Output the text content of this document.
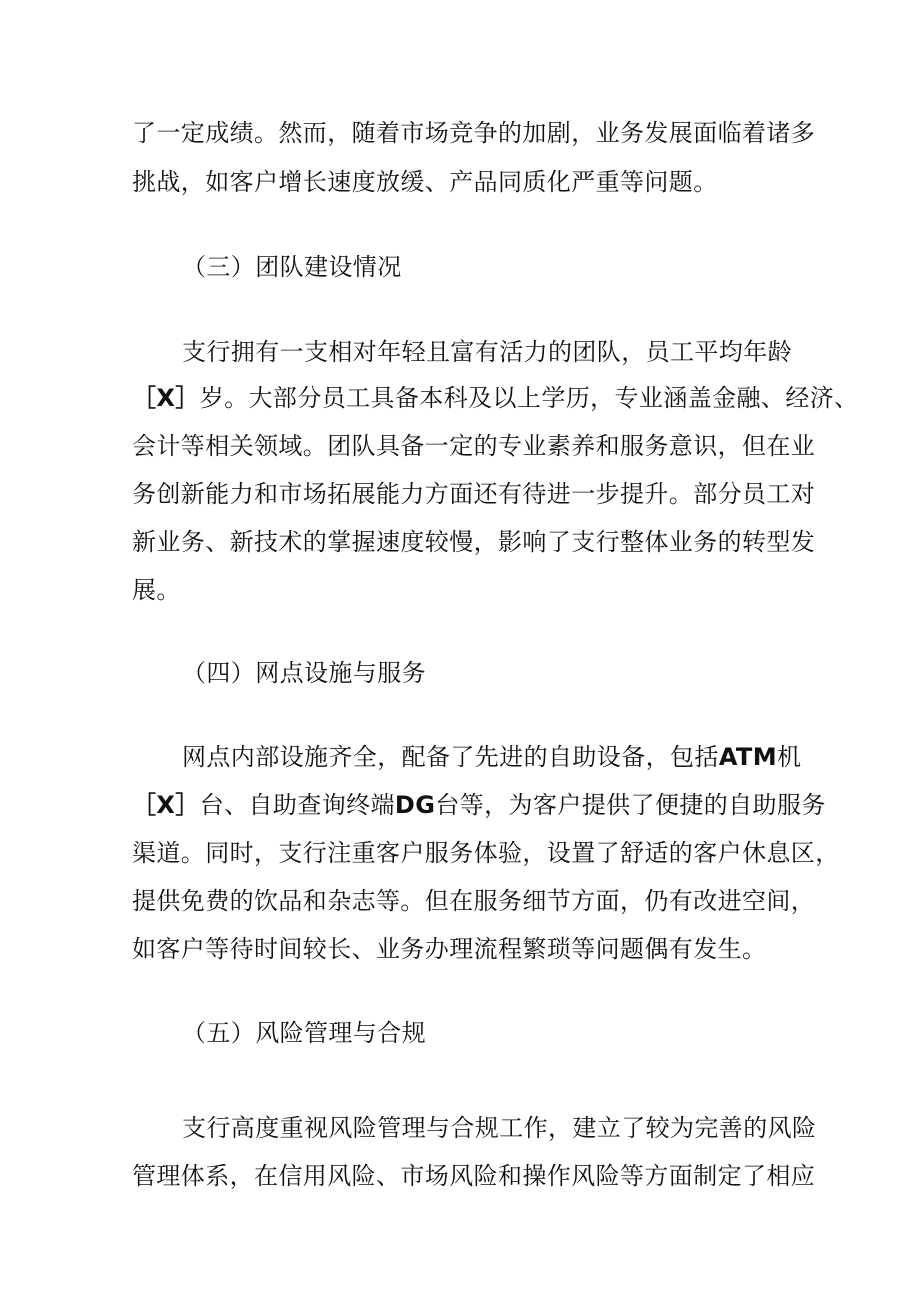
了一定成绩。然而，随着市场竞争的加剧，业务发展面临着诸多
挑战，如客户增长速度放缓、产品同质化严重等问题。
（三）团队建设情况
支行拥有一支相对年轻且富有活力的团队，员工平均年龄
［X］岁。大部分员工具备本科及以上学历，专业涵盖金融、经济、
会计等相关领域。团队具备一定的专业素养和服务意识，但在业
务创新能力和市场拓展能力方面还有待进一步提升。部分员工对
新业务、新技术的掌握速度较慢，影响了支行整体业务的转型发
展。
（四）网点设施与服务
网点内部设施齐全，配备了先进的自助设备，包括ATM机
［X］台、自助查询终端DG台等，为客户提供了便捷的自助服务
渠道。同时，支行注重客户服务体验，设置了舒适的客户休息区，
提供免费的饮品和杂志等。但在服务细节方面，仍有改进空间，
如客户等待时间较长、业务办理流程繁琐等问题偶有发生。
（五）风险管理与合规
支行高度重视风险管理与合规工作，建立了较为完善的风险
管理体系，在信用风险、市场风险和操作风险等方面制定了相应
